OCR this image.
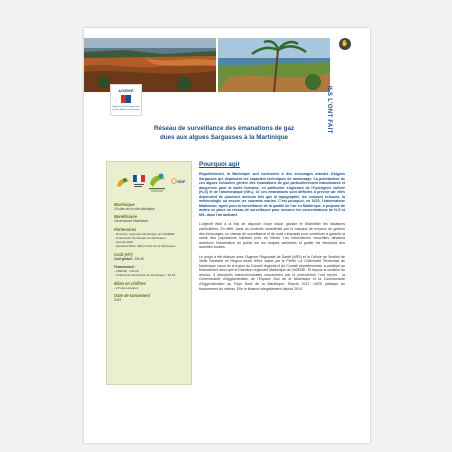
ADEME
Agence de l'Environnement et de la Maîtrise de l'Énergie
✋
ILS L'ONT FAIT
Réseau de surveillance des émanations de gaz
dues aux algues Sargasses à la Martinique
EDF
Martinique
18 sites de la côte Atlantique
Bénéficiaire
Observatoire Madininair
Partenaires
- Direction régionale Martinique de l'ADEME
- Collectivité Territoriale de Martinique
- Groupe EDF
- Syndicat Mixte d'Électricité de la Martinique
Coût (HT)
Coût global : 256 k€
Financement :
- ADEME : 144 k€
- Collectivité territoriale de Martinique : 62 k€
Bilan en chiffres
- 18 sites équipés
Date de lancement
2015
Pourquoi agir

Régulièrement, la Martinique soit confrontée à des échouages massifs d'algues Sargasses qui dépassent les capacités techniques de ramassage. La putréfaction de ces algues échouées génère des émanations de gaz particulièrement malodorants et dangereux pour la santé humaine, en particulier s'agissant de l'hydrogène sulfuré (H₂S) et de l'ammoniaque (NH₃). Or ces émanations sont difficiles à prévoir car elles dépendent de plusieurs facteurs tels que la topographie, les volumes échoués, la météorologie ou encore les courants marins. C'est pourquoi, en 2015, l'observatoire Madininair, agréé pour la surveillance de la qualité de l'air en Martinique, a proposé de mettre en place un réseau de surveillance pour mesurer les concentrations de H₂S et NH₃ dans l'air ambiant.

L'objectif était à la fois de disposer d'une vision globale et d'identifier les situations particulières. En effet, dans un contexte caractérisé par le manque de moyens de gestion des échouages, un réseau de surveillance et de suivi s'imposait pour contribuer à garantir la santé des populations habitant près du littoral. Les informations recueillies devaient améliorer l'information du public sur les risques sanitaires et guider les décisions des autorités locales.

Le projet a été élaboré avec l'Agence Régionale de Santé (ARS) et la Cellule de l'Institut de Veille Sanitaire en Région avant d'être validé par le Préfet. La Collectivité Territoriale de Martinique, issue de la fusion du Conseil régional et du Conseil départemental, a participé au financement ainsi que la Direction régionale Martinique de l'ADEME. Et depuis la création du réseau, 3 structures intercommunales concernées par le phénomène l'ont rejoint : la Communauté d'Agglomération de l'Espace Sud de la Martinique et la Communauté d'Agglomération du Pays Nord de la Martinique. Depuis 2017, l'ARS participe au financement du réseau. Elle le finance intégralement depuis 2019.
